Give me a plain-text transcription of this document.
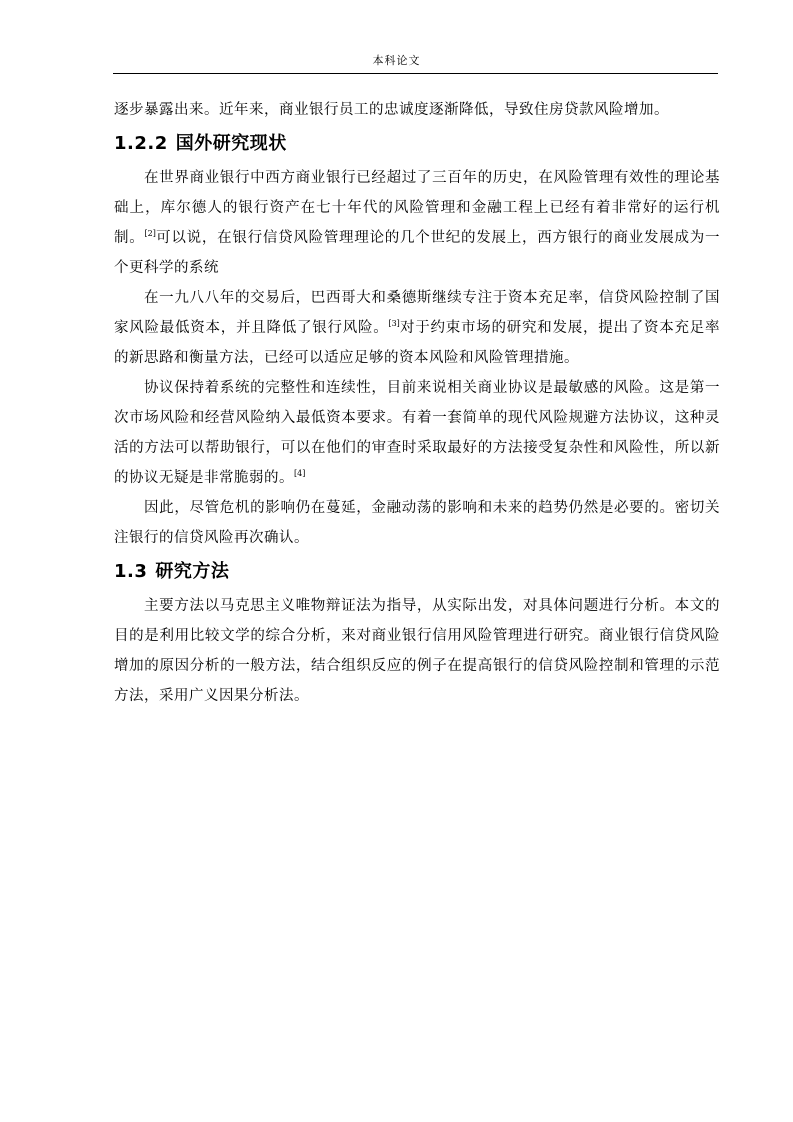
本科论文

逐步暴露出来。近年来，商业银行员工的忠诚度逐渐降低，导致住房贷款风险增加。

1.2.2 国外研究现状

在世界商业银行中西方商业银行已经超过了三百年的历史，在风险管理有效性的理论基础上，库尔德人的银行资产在七十年代的风险管理和金融工程上已经有着非常好的运行机制。[2]可以说，在银行信贷风险管理理论的几个世纪的发展上，西方银行的商业发展成为一个更科学的系统

在一九八八年的交易后，巴西哥大和桑德斯继续专注于资本充足率，信贷风险控制了国家风险最低资本，并且降低了银行风险。[3]对于约束市场的研究和发展，提出了资本充足率的新思路和衡量方法，已经可以适应足够的资本风险和风险管理措施。

协议保持着系统的完整性和连续性，目前来说相关商业协议是最敏感的风险。这是第一次市场风险和经营风险纳入最低资本要求。有着一套简单的现代风险规避方法协议，这种灵活的方法可以帮助银行，可以在他们的审查时采取最好的方法接受复杂性和风险性，所以新的协议无疑是非常脆弱的。[4]

因此，尽管危机的影响仍在蔓延，金融动荡的影响和未来的趋势仍然是必要的。密切关注银行的信贷风险再次确认。

1.3 研究方法

主要方法以马克思主义唯物辩证法为指导，从实际出发，对具体问题进行分析。本文的目的是利用比较文学的综合分析，来对商业银行信用风险管理进行研究。商业银行信贷风险增加的原因分析的一般方法，结合组织反应的例子在提高银行的信贷风险控制和管理的示范方法，采用广义因果分析法。
